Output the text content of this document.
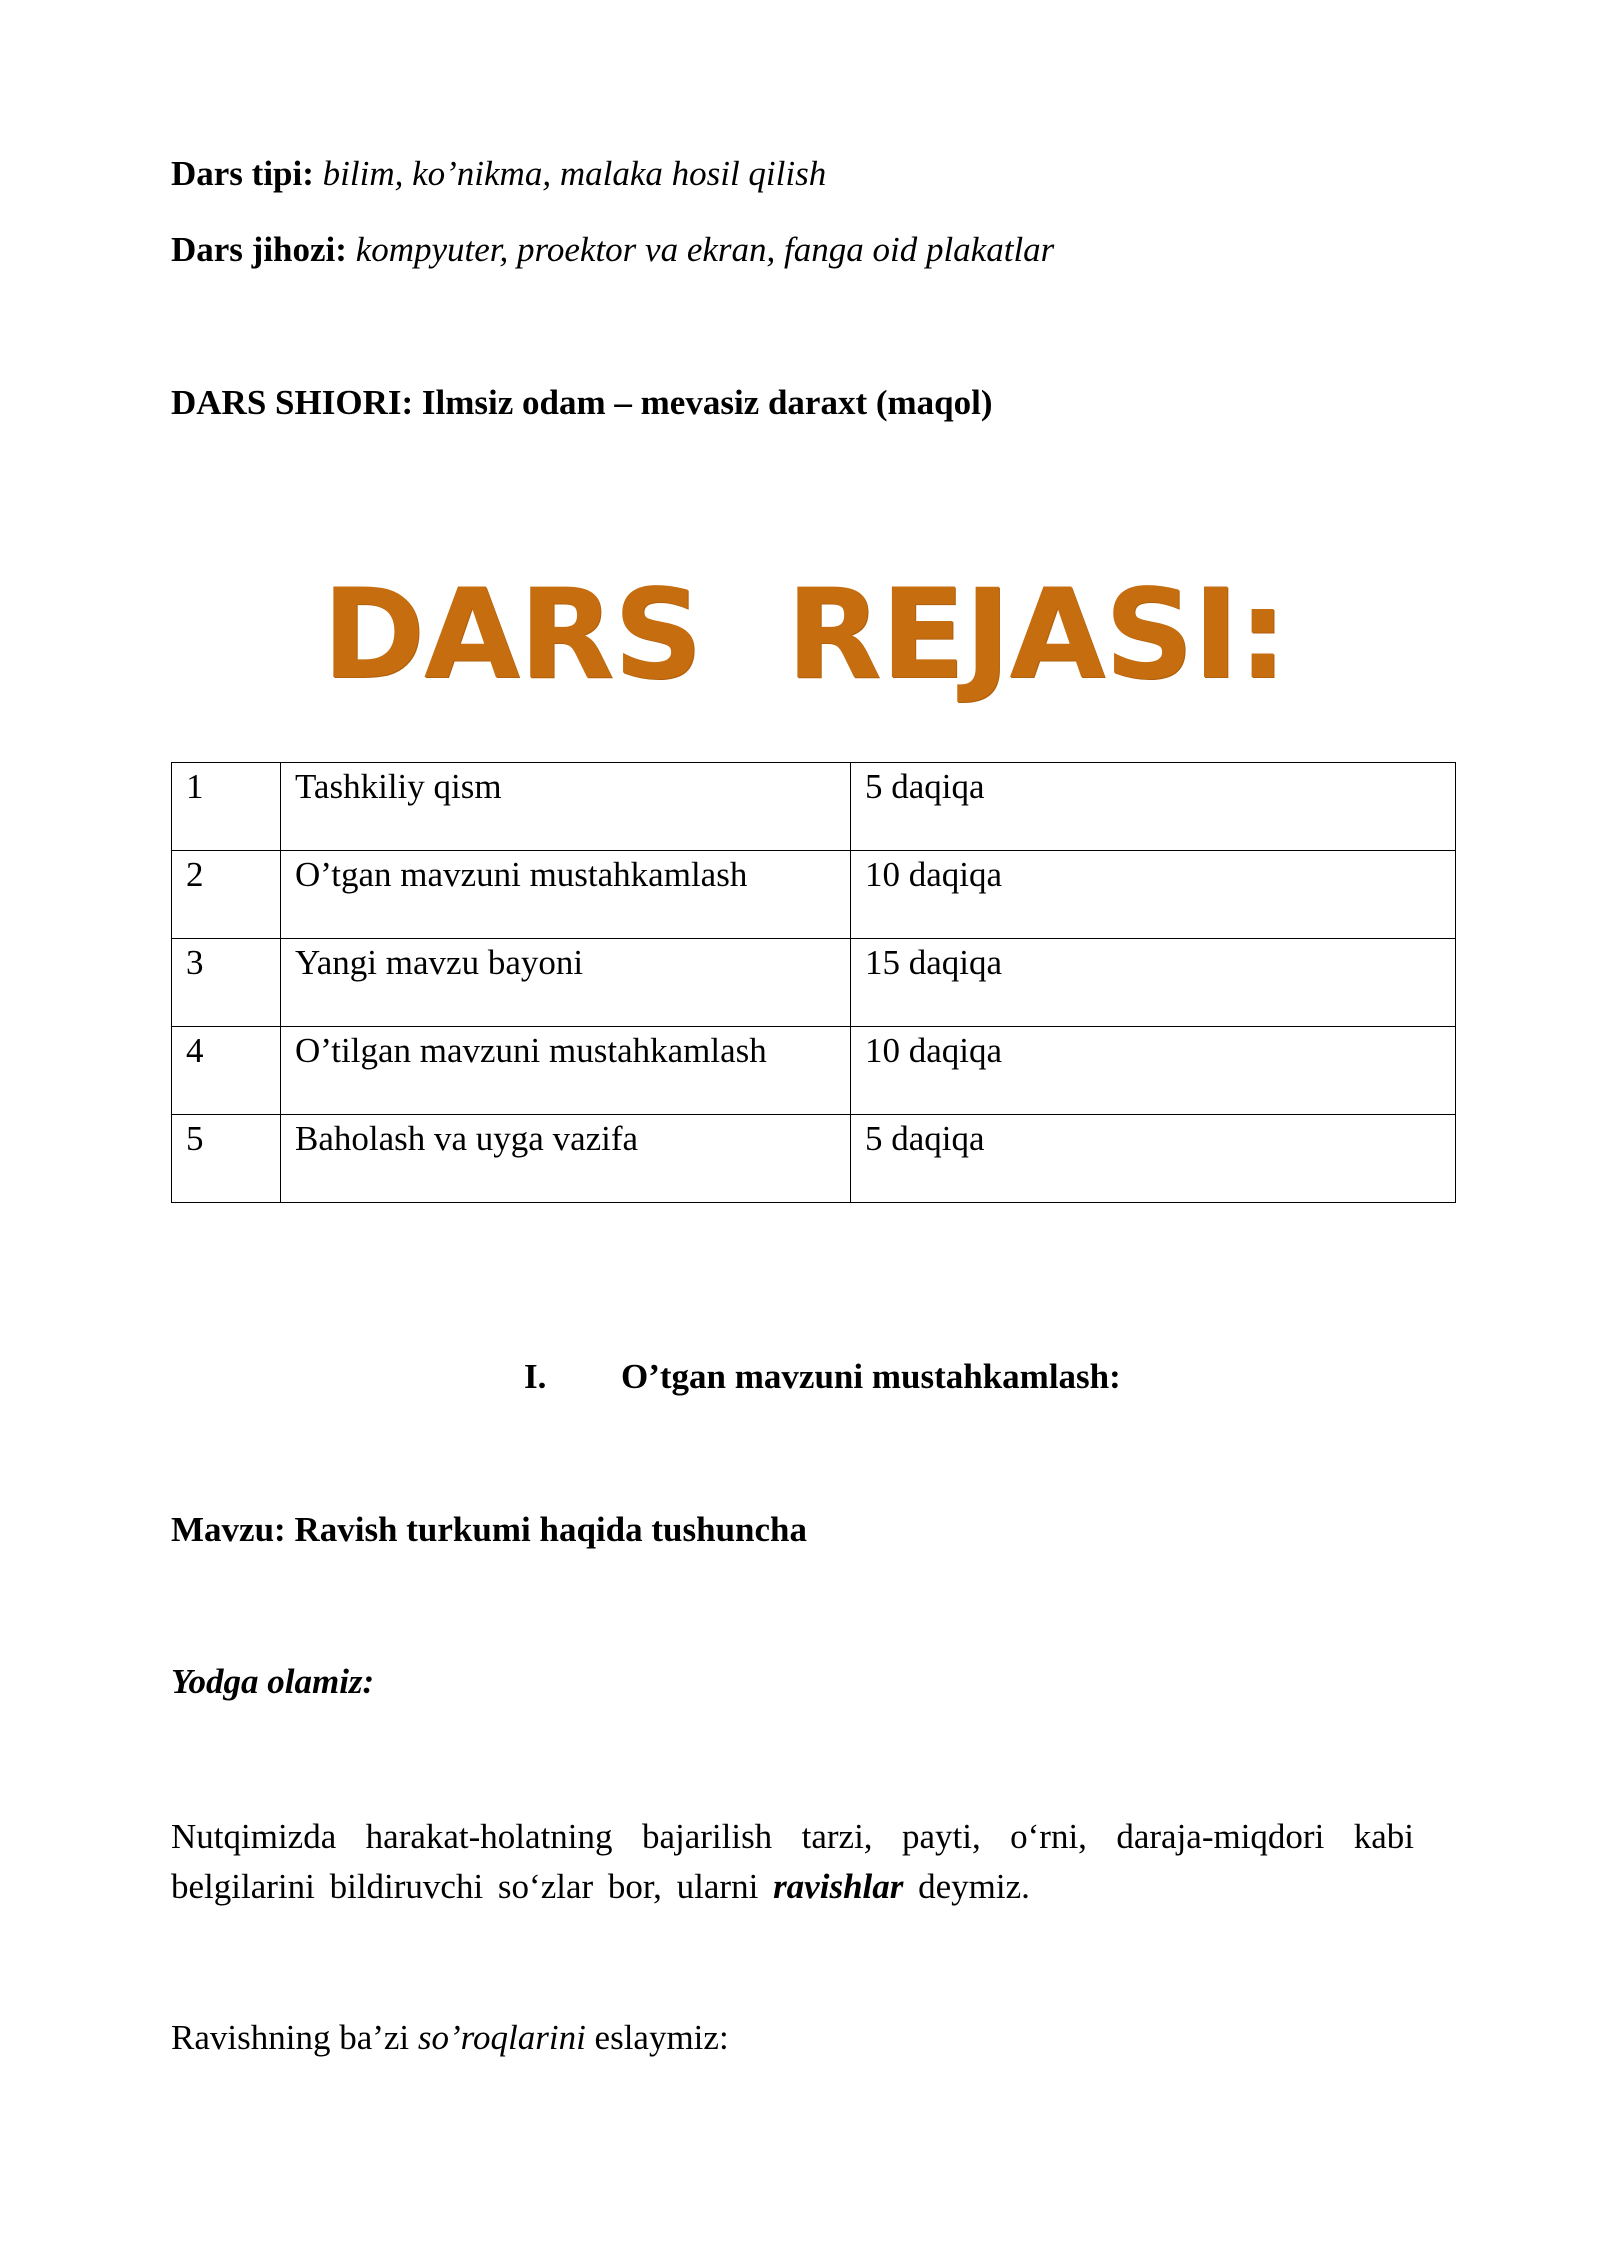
Dars tipi: bilim, ko’nikma, malaka hosil qilish
Dars jihozi: kompyuter, proektor va ekran, fanga oid plakatlar
DARS SHIORI: Ilmsiz odam – mevasiz daraxt (maqol)
DARS  REJASI:
1	Tashkiliy qism	5 daqiqa
2	O’tgan mavzuni mustahkamlash	10 daqiqa
3	Yangi mavzu bayoni	15 daqiqa
4	O’tilgan mavzuni mustahkamlash	10 daqiqa
5	Baholash va uyga vazifa	5 daqiqa
I. O’tgan mavzuni mustahkamlash:
Mavzu: Ravish turkumi haqida tushuncha
Yodga olamiz:
Nutqimizda harakat-holatning bajarilish tarzi, payti, o‘rni, daraja-miqdori kabi
belgilarini bildiruvchi so‘zlar bor, ularni ravishlar deymiz.
Ravishning ba’zi so’roqlarini eslaymiz:
